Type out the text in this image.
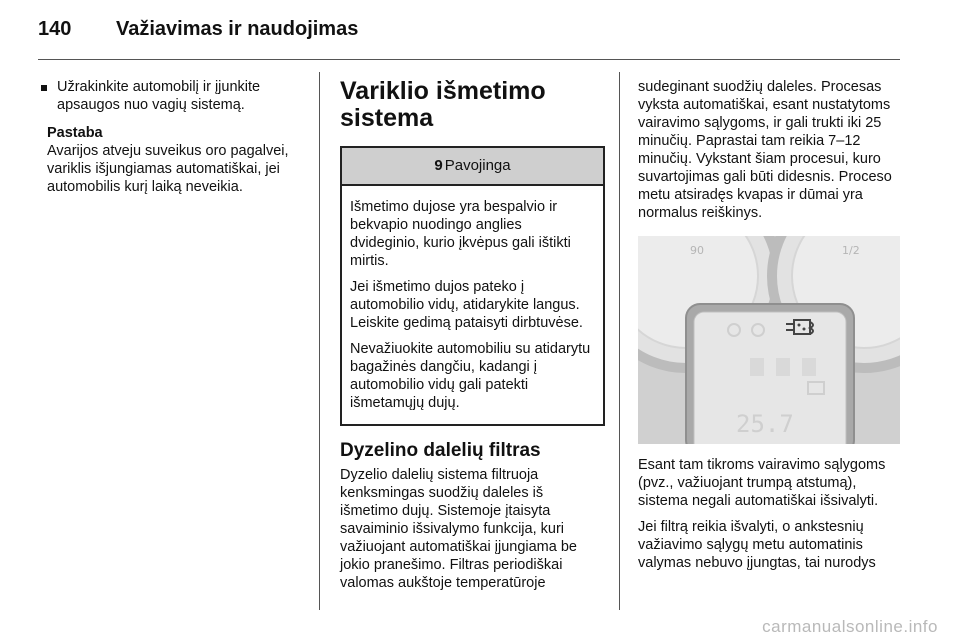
140 Važiavimas ir naudojimas
Užrakinkite automobilį ir įjunkite apsaugos nuo vagių sistemą.
Pastaba
Avarijos atveju suveikus oro pagalvei, variklis išjungiamas automatiškai, jei automobilis kurį laiką neveikia.
Variklio išmetimo sistema
9 Pavojinga

Išmetimo dujose yra bespalvio ir bekvapio nuodingo anglies dvideginio, kurio įkvėpus gali ištikti mirtis.

Jei išmetimo dujos pateko į automobilio vidų, atidarykite langus. Leiskite gedimą pataisyti dirbtuvėse.

Nevažiuokite automobiliu su atidarytu bagažinės dangčiu, kadangi į automobilio vidų gali patekti išmetamųjų dujų.

Dyzelino dalelių filtras
Dyzelio dalelių sistema filtruoja kenksmingas suodžių daleles iš išmetimo dujų. Sistemoje įtaisyta savaiminio išsivalymo funkcija, kuri važiuojant automatiškai įjungiama be jokio pranešimo. Filtras periodiškai valomas aukštoje temperatūroje
sudeginant suodžių daleles. Procesas vyksta automatiškai, esant nustatytoms vairavimo sąlygoms, ir gali trukti iki 25 minučių. Paprastai tam reikia 7–12 minučių. Vykstant šiam procesui, kuro suvartojimas gali būti didesnis. Proceso metu atsiradęs kvapas ir dūmai yra normalus reiškinys.
90	1/2
25.7

Esant tam tikroms vairavimo sąlygoms (pvz., važiuojant trumpą atstumą), sistema negali automatiškai išsivalyti.

Jei filtrą reikia išvalyti, o ankstesnių važiavimo sąlygų metu automatinis valymas nebuvo įjungtas, tai nurodys
carmanualsonline.info
